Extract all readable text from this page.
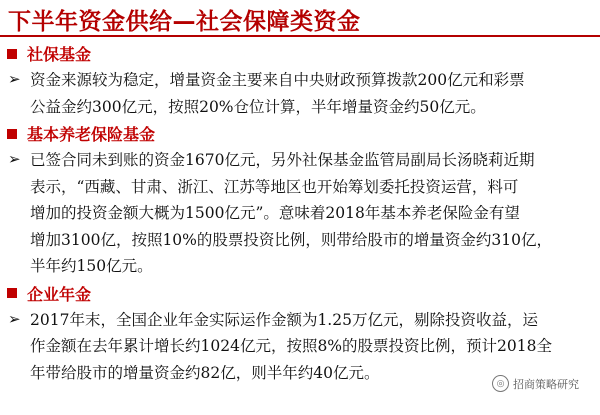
下半年资金供给—社会保障类资金
社保基金
➢ 资金来源较为稳定，增量资金主要来自中央财政预算拨款200亿元和彩票
公益金约300亿元，按照20%仓位计算，半年增量资金约50亿元。
基本养老保险基金
➢ 已签合同未到账的资金1670亿元，另外社保基金监管局副局长汤晓莉近期
表示，“西藏、甘肃、浙江、江苏等地区也开始筹划委托投资运营，料可
增加的投资金额大概为1500亿元”。意味着2018年基本养老保险金有望
增加3100亿，按照10%的股票投资比例，则带给股市的增量资金约310亿，
半年约150亿元。
企业年金
➢ 2017年末，全国企业年金实际运作金额为1.25万亿元，剔除投资收益，运
作金额在去年累计增长约1024亿元，按照8%的股票投资比例，预计2018全
年带给股市的增量资金约82亿，则半年约40亿元。
◎ 招商策略研究
